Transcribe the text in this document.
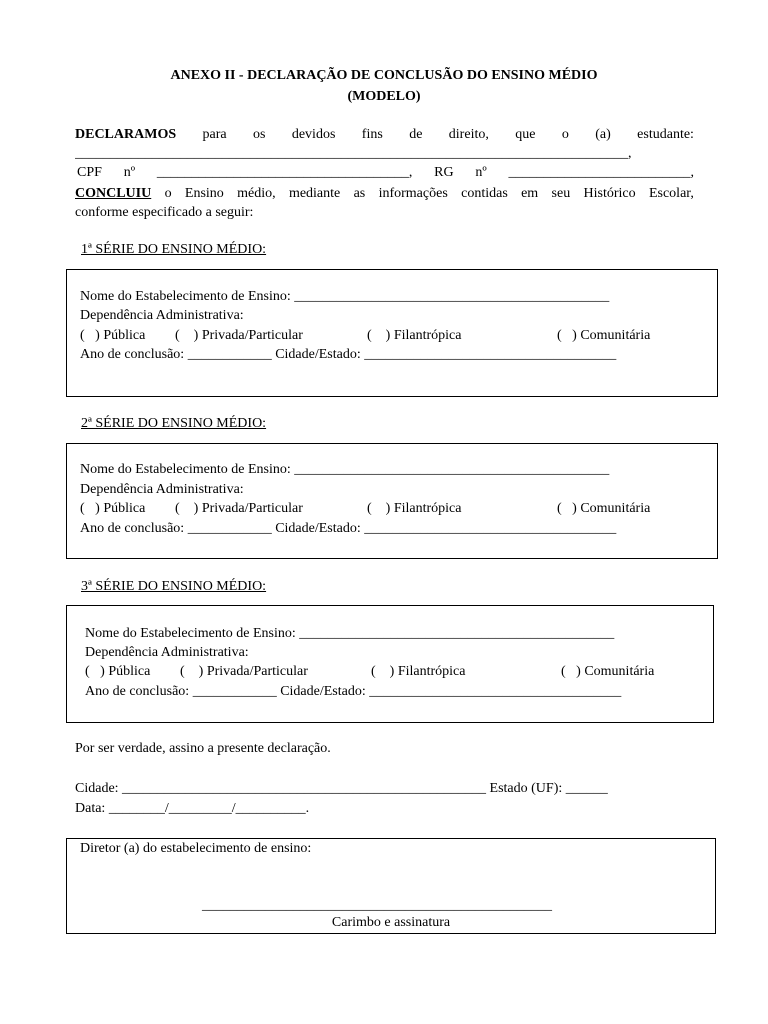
ANEXO II - DECLARAÇÃO DE CONCLUSÃO DO ENSINO MÉDIO
(MODELO)
DECLARAMOS para os devidos fins de direito, que o (a) estudante:
_______________________________________________________________________________,
CPF nº ____________________________________, RG nº __________________________,
CONCLUIU o Ensino médio, mediante as informações contidas em seu Histórico Escolar,
conforme especificado a seguir:
1ª SÉRIE DO ENSINO MÉDIO:
Nome do Estabelecimento de Ensino: _____________________________________________
Dependência Administrativa:
(   ) Pública (    ) Privada/Particular	(    ) Filantrópica	(   ) Comunitária
Ano de conclusão: ____________ Cidade/Estado: ____________________________________
2ª SÉRIE DO ENSINO MÉDIO:
Nome do Estabelecimento de Ensino: _____________________________________________
Dependência Administrativa:
(   ) Pública (    ) Privada/Particular	(    ) Filantrópica	(   ) Comunitária
Ano de conclusão: ____________ Cidade/Estado: ____________________________________
3ª SÉRIE DO ENSINO MÉDIO:
Nome do Estabelecimento de Ensino: _____________________________________________
Dependência Administrativa:
(   ) Pública (    ) Privada/Particular	(    ) Filantrópica	(   ) Comunitária
Ano de conclusão: ____________ Cidade/Estado: ____________________________________
Por ser verdade, assino a presente declaração.
Cidade: ____________________________________________________ Estado (UF): ______
Data: ________/_________/__________.
Diretor (a) do estabelecimento de ensino:
__________________________________________________
Carimbo e assinatura
